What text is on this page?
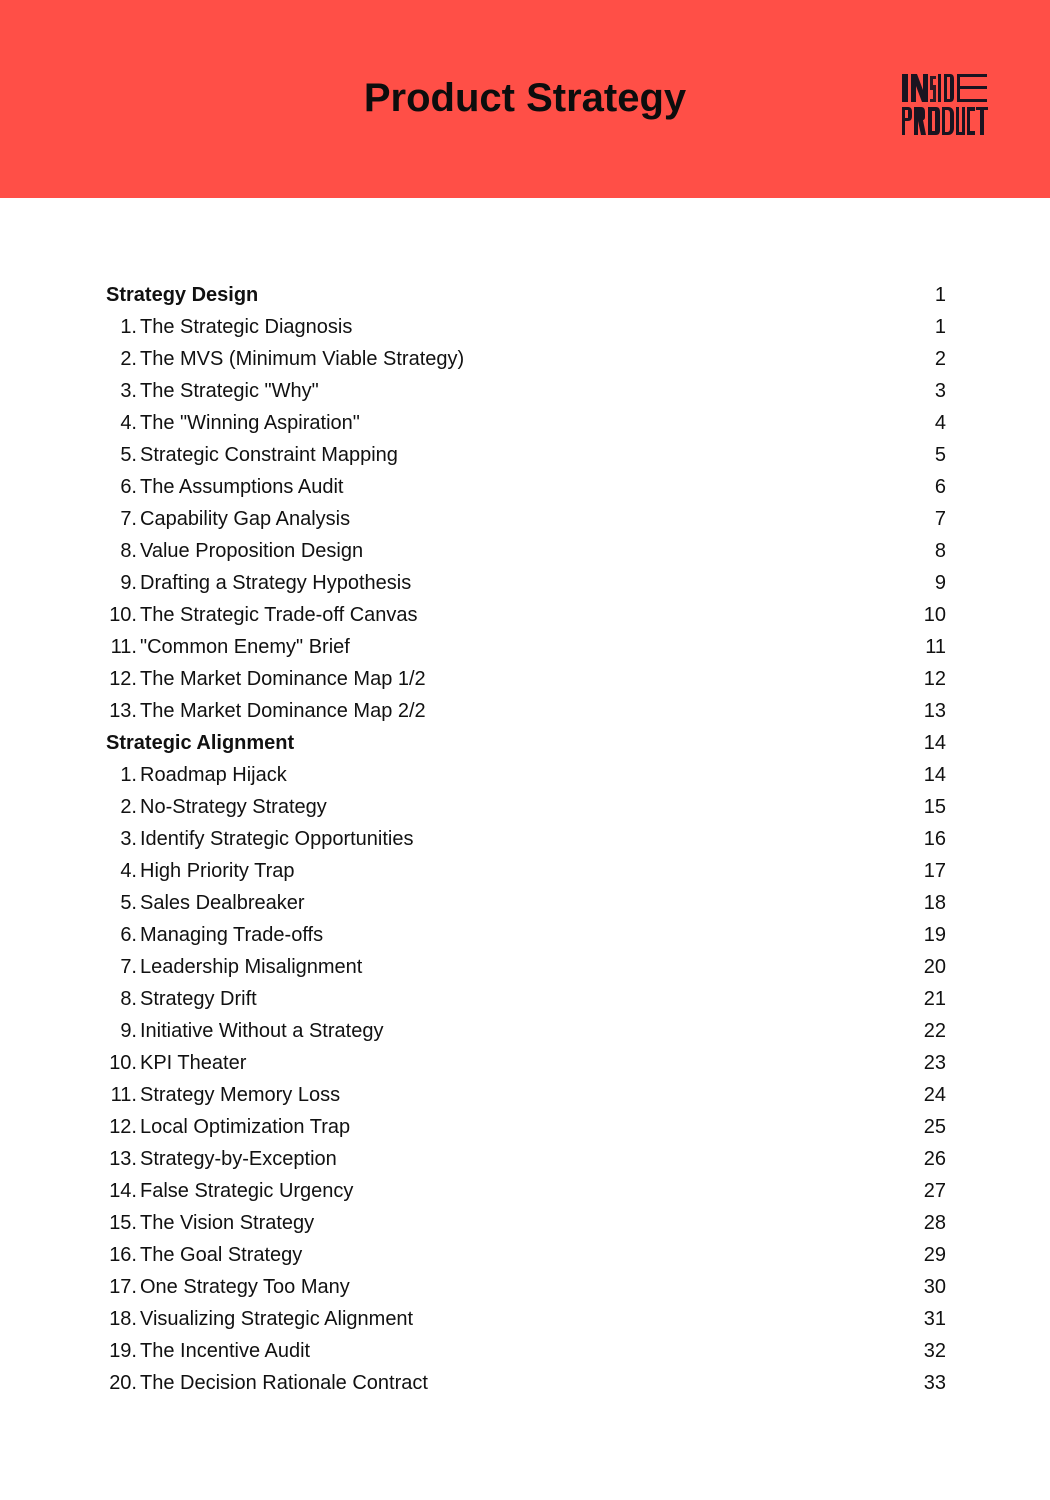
Product Strategy
Strategy Design	1
1. The Strategic Diagnosis	1
2. The MVS (Minimum Viable Strategy)	2
3. The Strategic "Why"	3
4. The "Winning Aspiration"	4
5. Strategic Constraint Mapping	5
6. The Assumptions Audit	6
7. Capability Gap Analysis	7
8. Value Proposition Design	8
9. Drafting a Strategy Hypothesis	9
10. The Strategic Trade-off Canvas	10
11. "Common Enemy" Brief	11
12. The Market Dominance Map 1/2	12
13. The Market Dominance Map 2/2	13
Strategic Alignment	14
1. Roadmap Hijack	14
2. No-Strategy Strategy	15
3. Identify Strategic Opportunities	16
4. High Priority Trap	17
5. Sales Dealbreaker	18
6. Managing Trade-offs	19
7. Leadership Misalignment	20
8. Strategy Drift	21
9. Initiative Without a Strategy	22
10. KPI Theater	23
11. Strategy Memory Loss	24
12. Local Optimization Trap	25
13. Strategy-by-Exception	26
14. False Strategic Urgency	27
15. The Vision Strategy	28
16. The Goal Strategy	29
17. One Strategy Too Many	30
18. Visualizing Strategic Alignment	31
19. The Incentive Audit	32
20. The Decision Rationale Contract	33
